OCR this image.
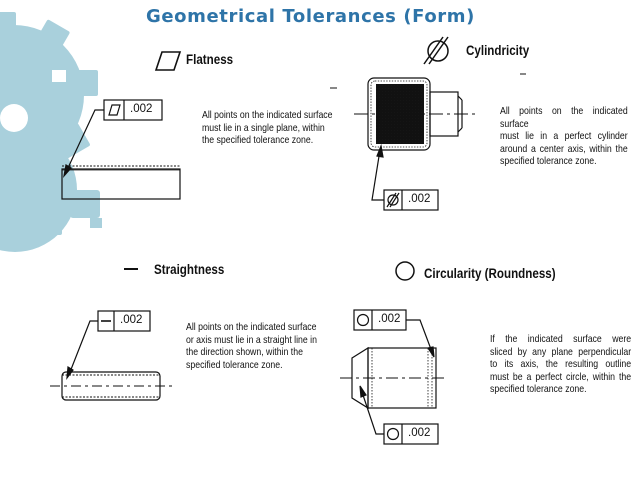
Geometrical Tolerances (Form)
Flatness
Cylindricity
Straightness	Circularity (Roundness)
.002
.002
.002	.002
.002
All points on the indicated surface
must lie in a single plane, within
the specified tolerance zone.
All points on the indicated surface
must lie in a perfect cylinder
around a center axis, within the
specified tolerance zone.
All points on the indicated surface
or axis must lie in a straight line in
the direction shown, within the
specified tolerance zone.
If the indicated surface were
sliced by any plane perpendicular
to its axis, the resulting outline
must be a perfect circle, within the
specified tolerance zone.
